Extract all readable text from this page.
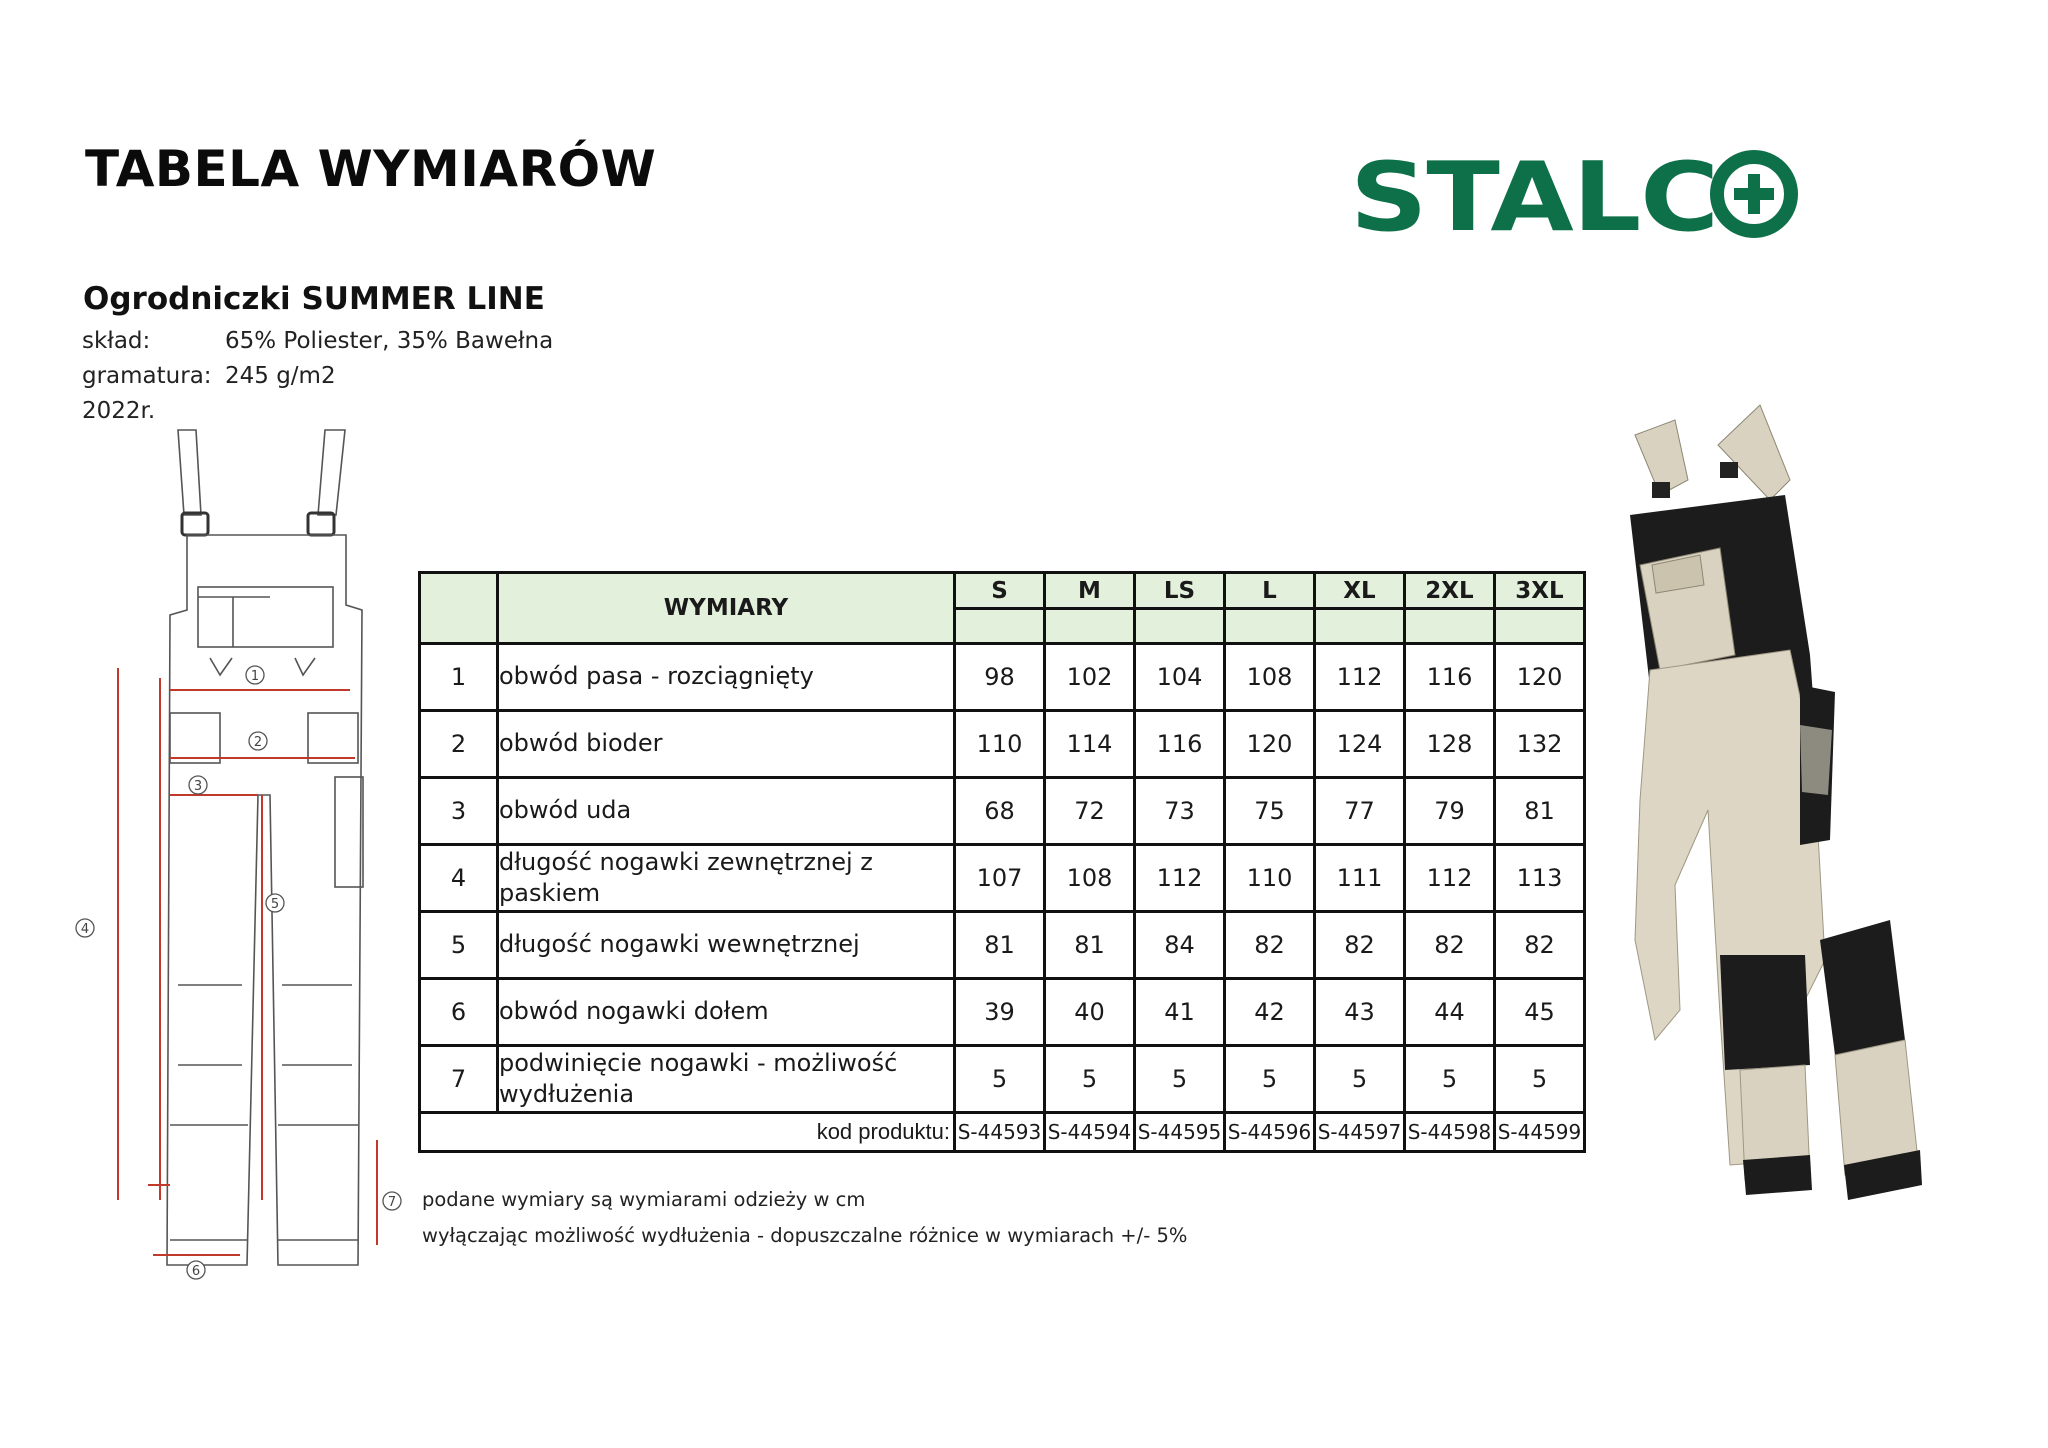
TABELA WYMIARÓW	STALC
Ogrodniczki SUMMER LINE
skład:	65% Poliester, 35% Bawełna
gramatura: 245 g/m2
2022r.
1
2
3
4
5
6
7
	WYMIARY	S	M	LS	L	XL	2XL	3XL

1	obwód pasa - rozciągnięty	98	102	104	108	112	116	120
2	obwód bioder	110	114	116	120	124	128	132
3	obwód uda	68	72	73	75	77	79	81
4	długość nogawki zewnętrznej z paskiem	107	108	112	110	111	112	113
5	długość nogawki wewnętrznej	81	81	84	82	82	82	82
6	obwód nogawki dołem	39	40	41	42	43	44	45
7	podwinięcie nogawki - możliwość wydłużenia	5	5	5	5	5	5	5
kod produktu:		S-44593	S-44594	S-44595	S-44596	S-44597	S-44598	S-44599
podane wymiary są wymiarami odzieży w cm
wyłączając możliwość wydłużenia - dopuszczalne różnice w wymiarach +/- 5%
